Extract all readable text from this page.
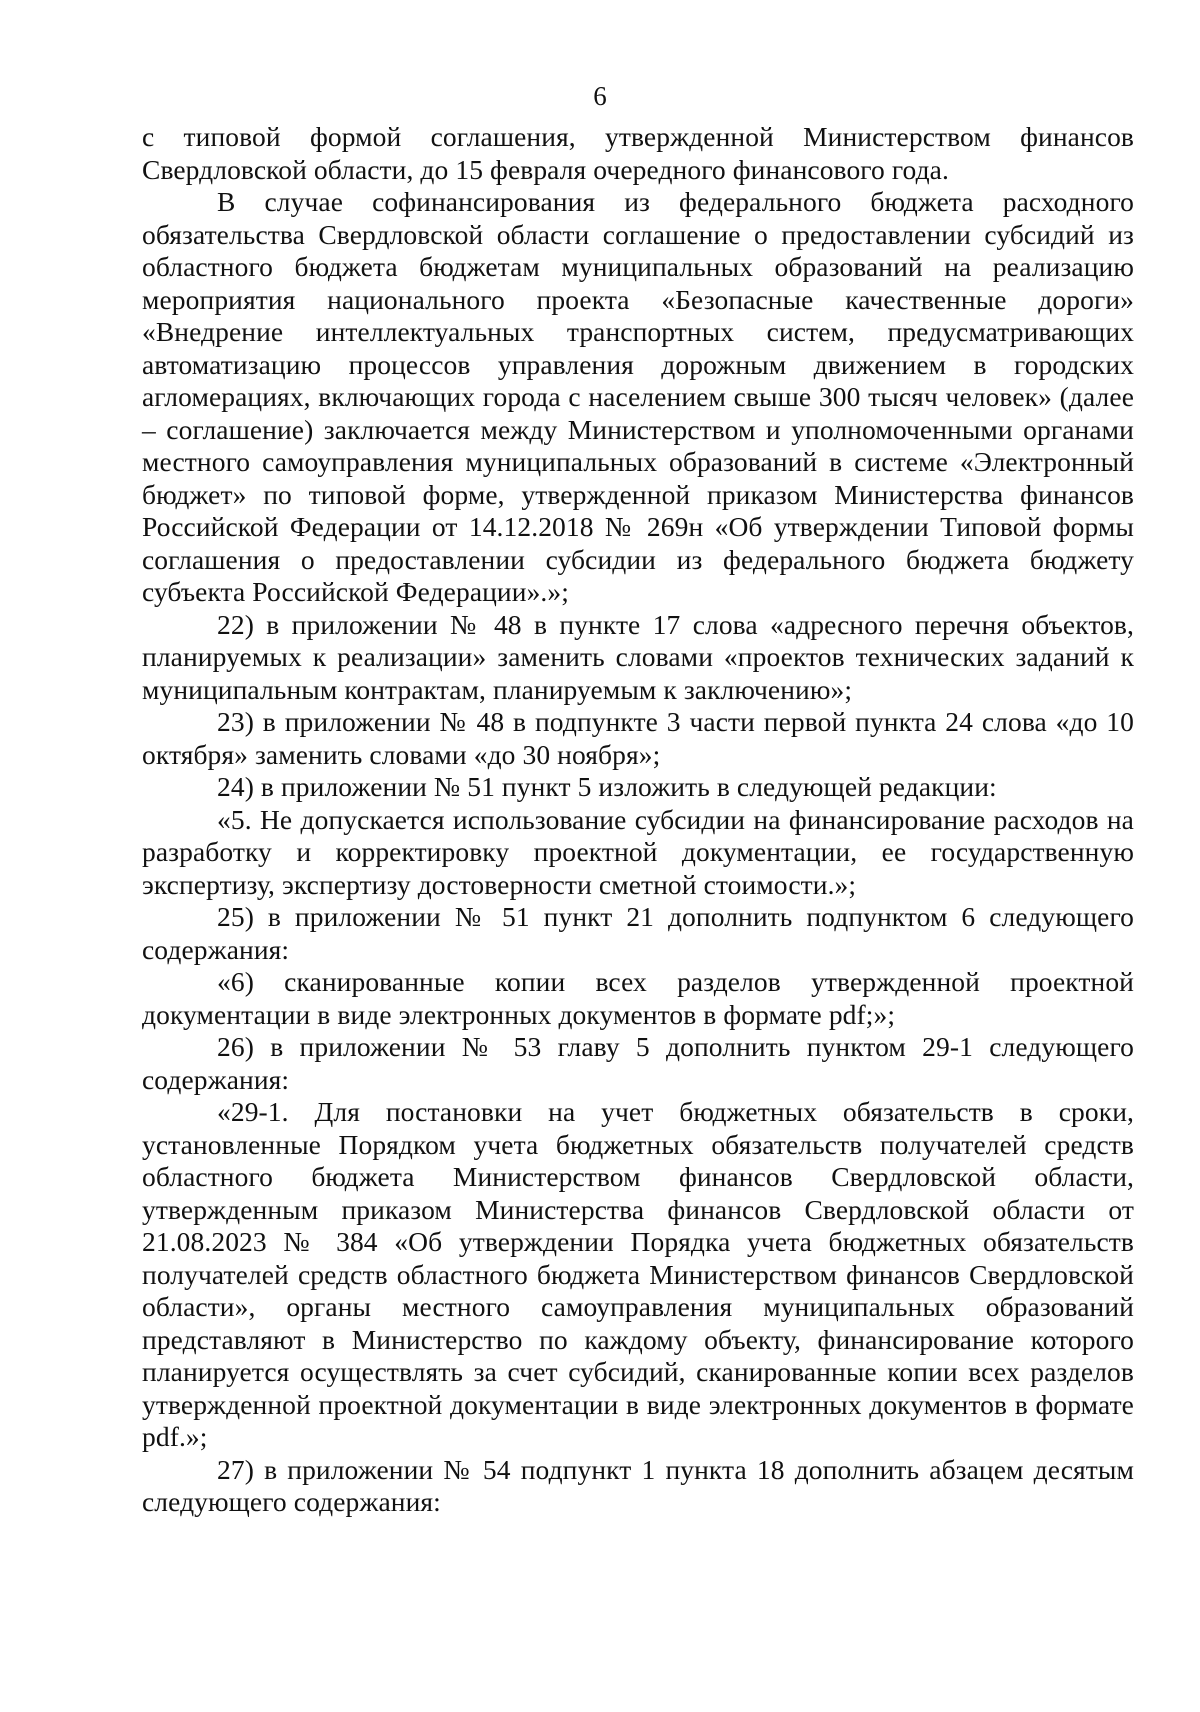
6

с типовой формой соглашения, утвержденной Министерством финансов Свердловской области, до 15 февраля очередного финансового года.

В случае софинансирования из федерального бюджета расходного обязательства Свердловской области соглашение о предоставлении субсидий из областного бюджета бюджетам муниципальных образований на реализацию мероприятия национального проекта «Безопасные качественные дороги» «Внедрение интеллектуальных транспортных систем, предусматривающих автоматизацию процессов управления дорожным движением в городских агломерациях, включающих города с населением свыше 300 тысяч человек» (далее – соглашение) заключается между Министерством и уполномоченными органами местного самоуправления муниципальных образований в системе «Электронный бюджет» по типовой форме, утвержденной приказом Министерства финансов Российской Федерации от 14.12.2018 № 269н «Об утверждении Типовой формы соглашения о предоставлении субсидии из федерального бюджета бюджету субъекта Российской Федерации».»;

22) в приложении № 48 в пункте 17 слова «адресного перечня объектов, планируемых к реализации» заменить словами «проектов технических заданий к муниципальным контрактам, планируемым к заключению»;

23) в приложении № 48 в подпункте 3 части первой пункта 24 слова «до 10 октября» заменить словами «до 30 ноября»;

24) в приложении № 51 пункт 5 изложить в следующей редакции:

«5. Не допускается использование субсидии на финансирование расходов на разработку и корректировку проектной документации, ее государственную экспертизу, экспертизу достоверности сметной стоимости.»;

25) в приложении № 51 пункт 21 дополнить подпунктом 6 следующего содержания:

«6) сканированные копии всех разделов утвержденной проектной документации в виде электронных документов в формате pdf;»;

26) в приложении № 53 главу 5 дополнить пунктом 29-1 следующего содержания:

«29-1. Для постановки на учет бюджетных обязательств в сроки, установленные Порядком учета бюджетных обязательств получателей средств областного бюджета Министерством финансов Свердловской области, утвержденным приказом Министерства финансов Свердловской области от 21.08.2023 № 384 «Об утверждении Порядка учета бюджетных обязательств получателей средств областного бюджета Министерством финансов Свердловской области», органы местного самоуправления муниципальных образований представляют в Министерство по каждому объекту, финансирование которого планируется осуществлять за счет субсидий, сканированные копии всех разделов утвержденной проектной документации в виде электронных документов в формате pdf.»;

27) в приложении № 54 подпункт 1 пункта 18 дополнить абзацем десятым следующего содержания:
